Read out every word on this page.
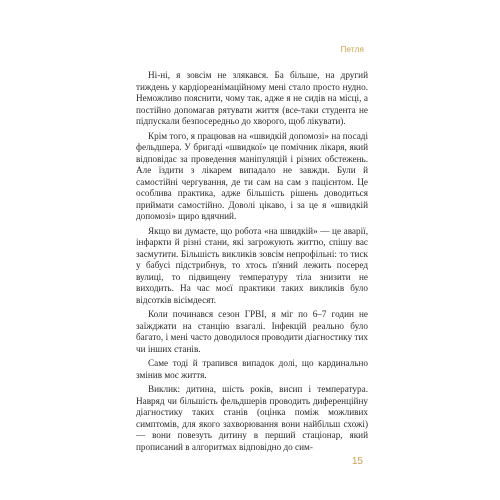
Петля

Ні-ні, я зовсім не злякався. Ба більше, на другий тиждень у кардіореанімаційному мені стало просто нудно. Неможливо пояснити, чому так, адже я не сидів на місці, а постійно допомагав рятувати життя (все-таки студента не підпускали безпосередньо до хворого, щоб лікувати).

Крім того, я працював на «швидкій допомозі» на посаді фельдшера. У бригаді «швидкої» це помічник лікаря, який відповідає за проведення маніпуляцій і різних обстежень. Але їздити з лікарем випадало не завжди. Були й самостійні чергування, де ти сам на сам з пацієнтом. Це особлива практика, адже більшість рішень доводиться приймати самостійно. Доволі цікаво, і за це я «швидкій допомозі» щиро вдячний.

Якщо ви думаєте, що робота «на швидкій» — це аварії, інфаркти й різні стани, які загрожують життю, спішу вас засмутити. Більшість викликів зовсім непрофільні: то тиск у бабусі підстрибнув, то хтось п'яний лежить посеред вулиці, то підвищену температуру тіла знизити не виходить. На час моєї практики таких викликів було відсотків вісімдесят.

Коли починався сезон ГРВІ, я міг по 6–7 годин не заїжджати на станцію взагалі. Інфекцій реально було багато, і мені часто доводилося проводити діагностику тих чи інших станів.

Саме тоді й трапився випадок долі, що кардинально змінив моє життя.

Виклик: дитина, шість років, висип і температура. Навряд чи більшість фельдшерів проводить диференційну діагностику таких станів (оцінка поміж можливих симптомів, для якого захворювання вони найбільш схожі) — вони повезуть дитину в перший стаціонар, який прописаний в алгоритмах відповідно до сим-

15
